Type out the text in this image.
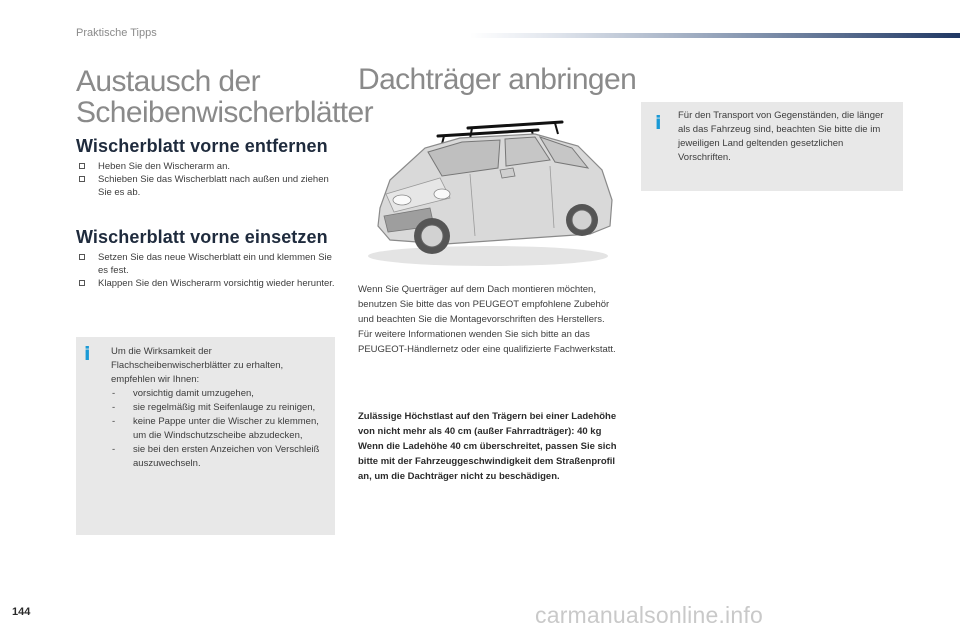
Praktische Tipps
Austausch der Scheibenwischerblätter
Wischerblatt vorne entfernen
Heben Sie den Wischerarm an.
Schieben Sie das Wischerblatt nach außen und ziehen Sie es ab.
Wischerblatt vorne einsetzen
Setzen Sie das neue Wischerblatt ein und klemmen Sie es fest.
Klappen Sie den Wischerarm vorsichtig wieder herunter.
i Um die Wirksamkeit der Flachscheibenwischerblätter zu erhalten, empfehlen wir Ihnen:
- vorsichtig damit umzugehen,
- sie regelmäßig mit Seifenlauge zu reinigen,
- keine Pappe unter die Wischer zu klemmen, um die Windschutzscheibe abzudecken,
- sie bei den ersten Anzeichen von Verschleiß auszuwechseln.
Dachträger anbringen
Wenn Sie Querträger auf dem Dach montieren möchten, benutzen Sie bitte das von PEUGEOT empfohlene Zubehör und beachten Sie die Montagevorschriften des Herstellers.
Für weitere Informationen wenden Sie sich bitte an das PEUGEOT-Händlernetz oder eine qualifizierte Fachwerkstatt.
Zulässige Höchstlast auf den Trägern bei einer Ladehöhe von nicht mehr als 40 cm (außer Fahrradträger): 40 kg
Wenn die Ladehöhe 40 cm überschreitet, passen Sie sich bitte mit der Fahrzeuggeschwindigkeit dem Straßenprofil an, um die Dachträger nicht zu beschädigen.
i Für den Transport von Gegenständen, die länger als das Fahrzeug sind, beachten Sie bitte die im jeweiligen Land geltenden gesetzlichen Vorschriften.
144	carmanualsonline.info
